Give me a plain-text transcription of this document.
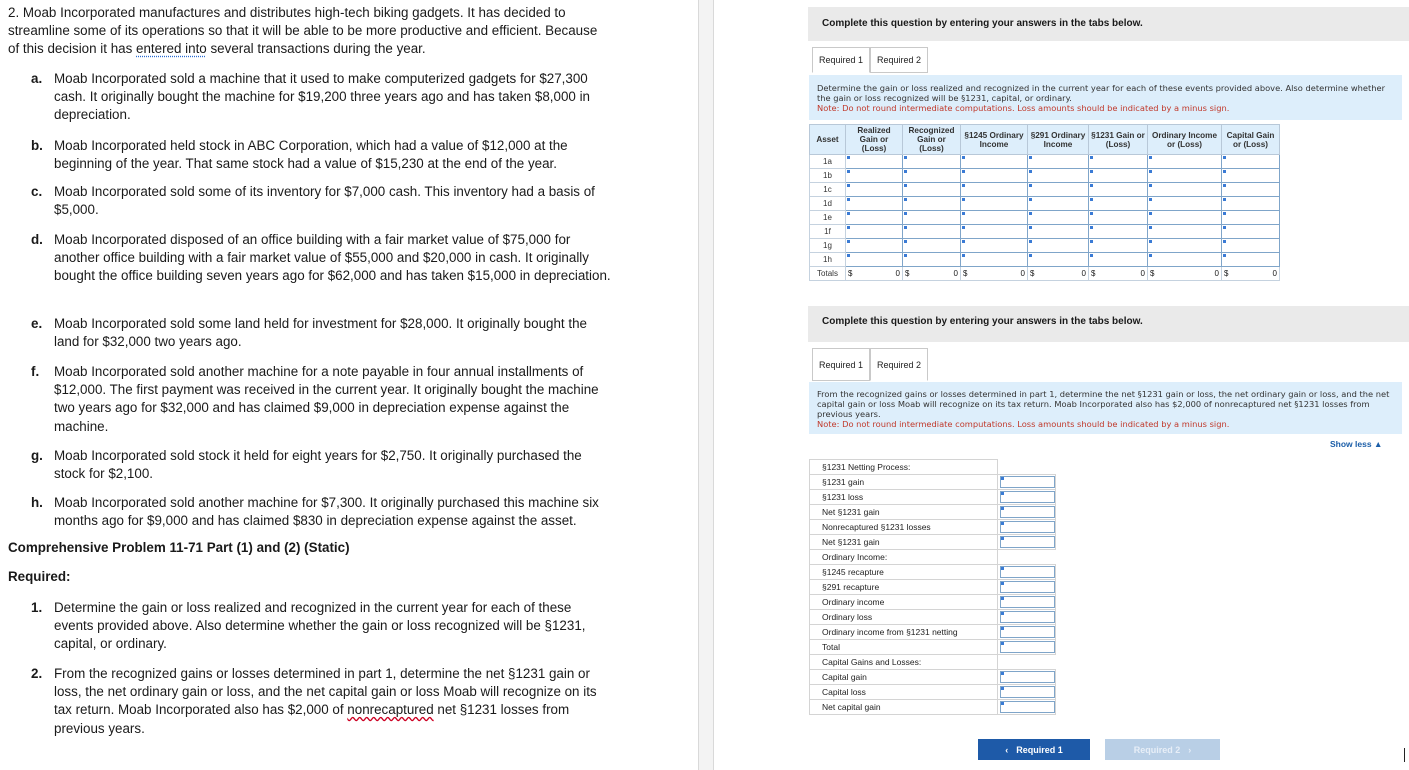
2. Moab Incorporated manufactures and distributes high-tech biking gadgets. It has decided to streamline some of its operations so that it will be able to be more productive and efficient. Because of this decision it has entered into several transactions during the year.
a. Moab Incorporated sold a machine that it used to make computerized gadgets for $27,300 cash. It originally bought the machine for $19,200 three years ago and has taken $8,000 in depreciation.
b. Moab Incorporated held stock in ABC Corporation, which had a value of $12,000 at the beginning of the year. That same stock had a value of $15,230 at the end of the year.
c. Moab Incorporated sold some of its inventory for $7,000 cash. This inventory had a basis of $5,000.
d. Moab Incorporated disposed of an office building with a fair market value of $75,000 for another office building with a fair market value of $55,000 and $20,000 in cash. It originally bought the office building seven years ago for $62,000 and has taken $15,000 in depreciation.
e. Moab Incorporated sold some land held for investment for $28,000. It originally bought the land for $32,000 two years ago.
f. Moab Incorporated sold another machine for a note payable in four annual installments of $12,000. The first payment was received in the current year. It originally bought the machine two years ago for $32,000 and has claimed $9,000 in depreciation expense against the machine.
g. Moab Incorporated sold stock it held for eight years for $2,750. It originally purchased the stock for $2,100.
h. Moab Incorporated sold another machine for $7,300. It originally purchased this machine six months ago for $9,000 and has claimed $830 in depreciation expense against the asset.
Comprehensive Problem 11-71 Part (1) and (2) (Static)
Required:
1. Determine the gain or loss realized and recognized in the current year for each of these events provided above. Also determine whether the gain or loss recognized will be §1231, capital, or ordinary.
2. From the recognized gains or losses determined in part 1, determine the net §1231 gain or loss, the net ordinary gain or loss, and the net capital gain or loss Moab will recognize on its tax return. Moab Incorporated also has $2,000 of nonrecaptured net §1231 losses from previous years.
Complete this question by entering your answers in the tabs below.
Required 1	Required 2
Determine the gain or loss realized and recognized in the current year for each of these events provided above. Also determine whether the gain or loss recognized will be §1231, capital, or ordinary.
Note: Do not round intermediate computations. Loss amounts should be indicated by a minus sign.
Asset	Realized Gain or (Loss)	Recognized Gain or (Loss)	§1245 Ordinary Income	§291 Ordinary Income	§1231 Gain or (Loss)	Ordinary Income or (Loss)	Capital Gain or (Loss)
1a							
1b							
1c							
1d							
1e							
1f							
1g							
1h							
Totals	$ 0	$ 0	$ 0	$ 0	$ 0	$ 0	$ 0
Complete this question by entering your answers in the tabs below.
Required 1	Required 2
From the recognized gains or losses determined in part 1, determine the net §1231 gain or loss, the net ordinary gain or loss, and the net capital gain or loss Moab will recognize on its tax return. Moab Incorporated also has $2,000 of nonrecaptured net §1231 losses from previous years.
Note: Do not round intermediate computations. Loss amounts should be indicated by a minus sign.
Show less ▲
§1231 Netting Process:	
§1231 gain	

§1231 loss	

Net §1231 gain	

Nonrecaptured §1231 losses	

Net §1231 gain	

Ordinary Income:	
§1245 recapture	

§291 recapture	

Ordinary income	

Ordinary loss	

Ordinary income from §1231 netting	

Total	

Capital Gains and Losses:	
Capital gain	

Capital loss	

Net capital gain	
‹ Required 1	Required 2 ›
